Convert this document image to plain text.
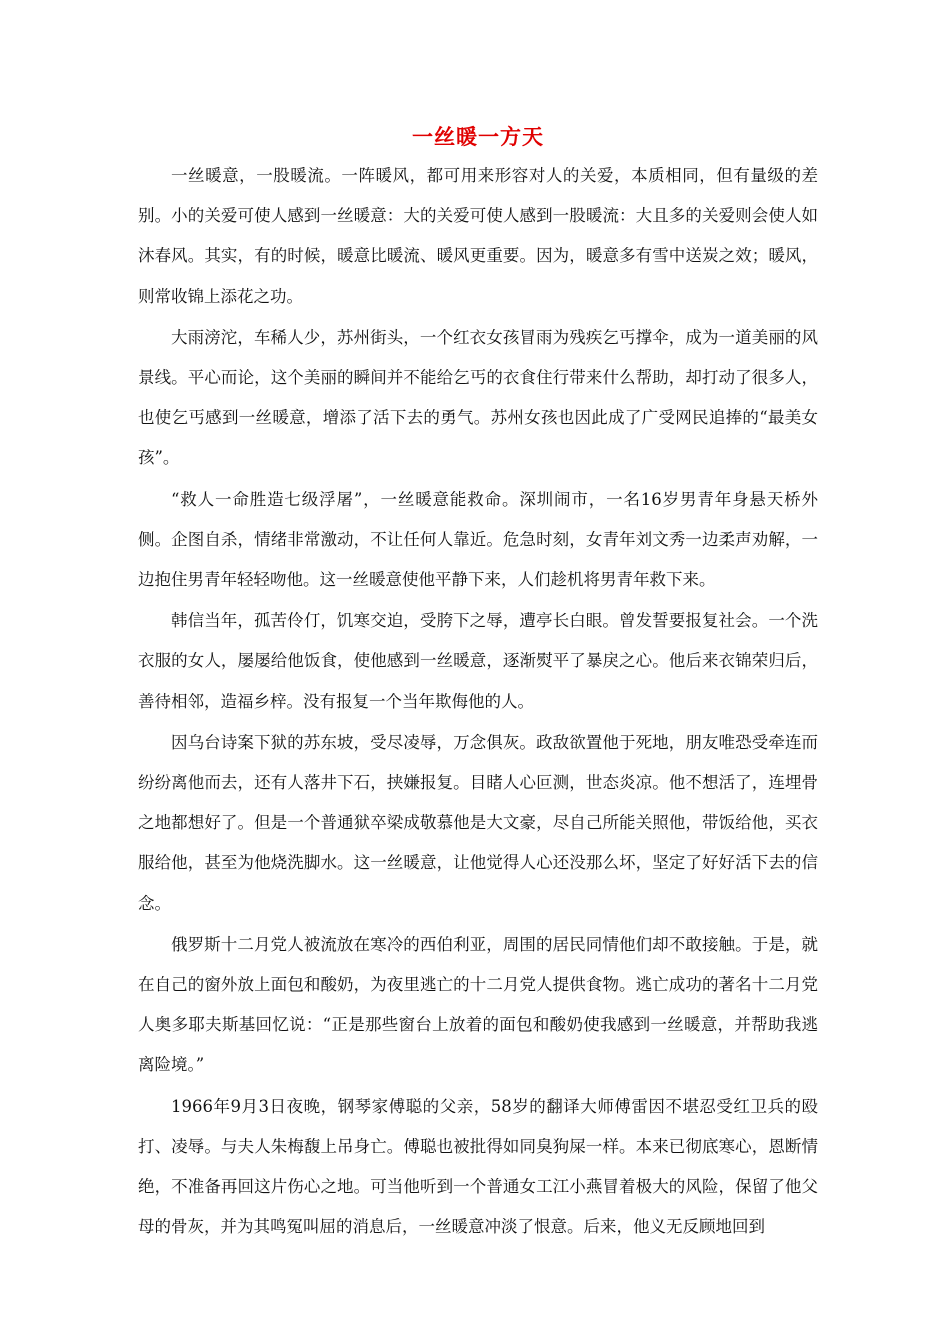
一丝暖一方天

一丝暖意，一股暖流。一阵暖风，都可用来形容对人的关爱，本质相同，但有量级的差别。小的关爱可使人感到一丝暖意：大的关爱可使人感到一股暖流：大且多的关爱则会使人如沐春风。其实，有的时候，暖意比暖流、暖风更重要。因为，暖意多有雪中送炭之效；暖风，则常收锦上添花之功。

大雨滂沱，车稀人少，苏州街头，一个红衣女孩冒雨为残疾乞丐撑伞，成为一道美丽的风景线。平心而论，这个美丽的瞬间并不能给乞丐的衣食住行带来什么帮助，却打动了很多人，也使乞丐感到一丝暖意，增添了活下去的勇气。苏州女孩也因此成了广受网民追捧的“最美女孩”。

“救人一命胜造七级浮屠”，一丝暖意能救命。深圳闹市，一名16岁男青年身悬天桥外侧。企图自杀，情绪非常激动，不让任何人靠近。危急时刻，女青年刘文秀一边柔声劝解，一边抱住男青年轻轻吻他。这一丝暖意使他平静下来，人们趁机将男青年救下来。

韩信当年，孤苦伶仃，饥寒交迫，受胯下之辱，遭亭长白眼。曾发誓要报复社会。一个洗衣服的女人，屡屡给他饭食，使他感到一丝暖意，逐渐熨平了暴戾之心。他后来衣锦荣归后，善待相邻，造福乡梓。没有报复一个当年欺侮他的人。

因乌台诗案下狱的苏东坡，受尽凌辱，万念俱灰。政敌欲置他于死地，朋友唯恐受牵连而纷纷离他而去，还有人落井下石，挟嫌报复。目睹人心叵测，世态炎凉。他不想活了，连埋骨之地都想好了。但是一个普通狱卒梁成敬慕他是大文豪，尽自己所能关照他，带饭给他，买衣服给他，甚至为他烧洗脚水。这一丝暖意，让他觉得人心还没那么坏，坚定了好好活下去的信念。

俄罗斯十二月党人被流放在寒冷的西伯利亚，周围的居民同情他们却不敢接触。于是，就在自己的窗外放上面包和酸奶，为夜里逃亡的十二月党人提供食物。逃亡成功的著名十二月党人奥多耶夫斯基回忆说：“正是那些窗台上放着的面包和酸奶使我感到一丝暖意，并帮助我逃离险境。”

1966年9月3日夜晚，钢琴家傅聪的父亲，58岁的翻译大师傅雷因不堪忍受红卫兵的殴打、凌辱。与夫人朱梅馥上吊身亡。傅聪也被批得如同臭狗屎一样。本来已彻底寒心，恩断情绝，不准备再回这片伤心之地。可当他听到一个普通女工江小燕冒着极大的风险，保留了他父母的骨灰，并为其鸣冤叫屈的消息后，一丝暖意冲淡了恨意。后来，他义无反顾地回到
